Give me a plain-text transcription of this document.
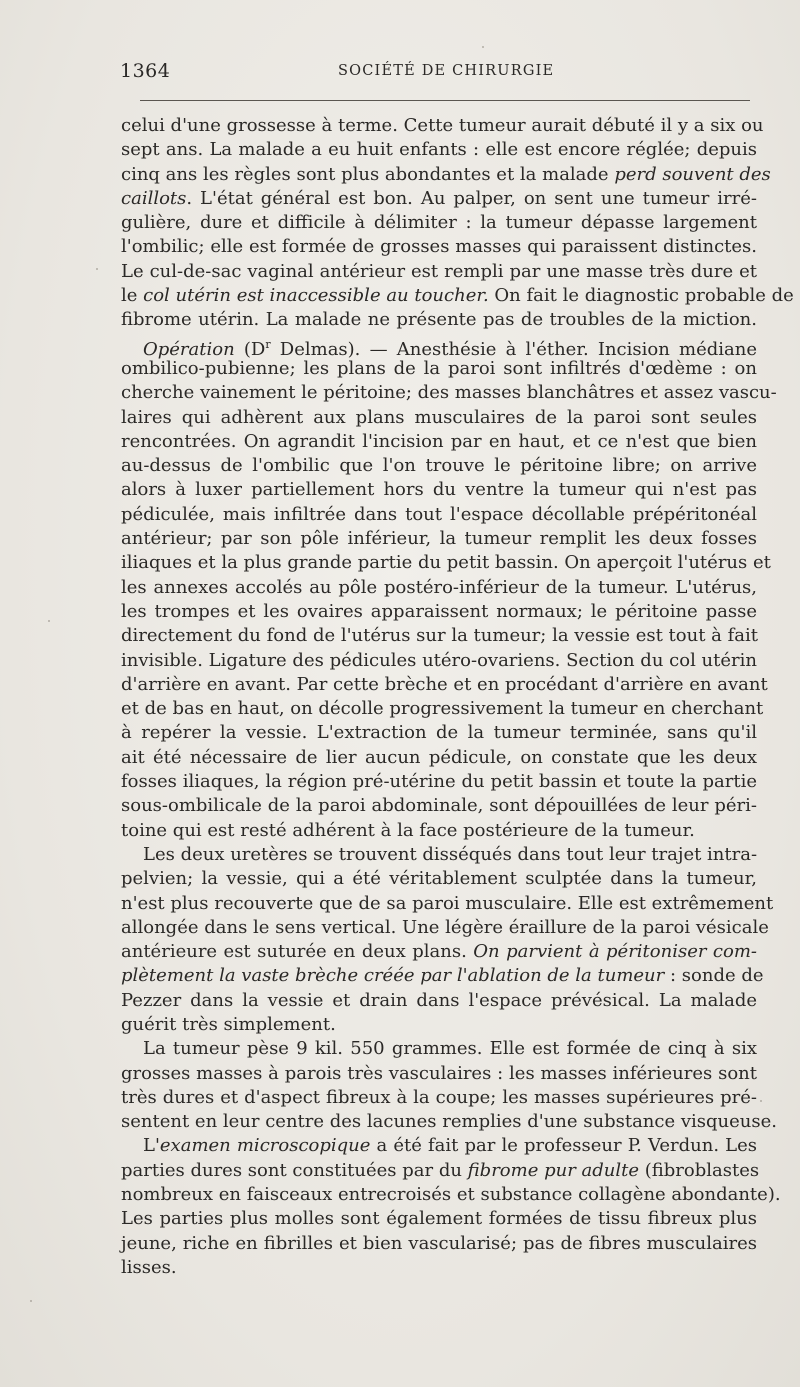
1364	SOCIÉTÉ DE CHIRURGIE
celui d'une grossesse à terme. Cette tumeur aurait débuté il y a six ou
sept ans. La malade a eu huit enfants : elle est encore réglée; depuis
cinq ans les règles sont plus abondantes et la malade perd souvent des
caillots. L'état général est bon. Au palper, on sent une tumeur irré-
gulière, dure et difficile à délimiter : la tumeur dépasse largement
l'ombilic; elle est formée de grosses masses qui paraissent distinctes.
Le cul-de-sac vaginal antérieur est rempli par une masse très dure et
le col utérin est inaccessible au toucher. On fait le diagnostic probable de
fibrome utérin. La malade ne présente pas de troubles de la miction.
Opération ($D^r$ Delmas). — Anesthésie à l'éther. Incision médiane
ombilico-pubienne; les plans de la paroi sont infiltrés d'œdème : on
cherche vainement le péritoine; des masses blanchâtres et assez vascu-
laires qui adhèrent aux plans musculaires de la paroi sont seules
rencontrées. On agrandit l'incision par en haut, et ce n'est que bien
au-dessus de l'ombilic que l'on trouve le péritoine libre; on arrive
alors à luxer partiellement hors du ventre la tumeur qui n'est pas
pédiculée, mais infiltrée dans tout l'espace décollable prépéritonéal
antérieur; par son pôle inférieur, la tumeur remplit les deux fosses
iliaques et la plus grande partie du petit bassin. On aperçoit l'utérus et
les annexes accolés au pôle postéro-inférieur de la tumeur. L'utérus,
les trompes et les ovaires apparaissent normaux; le péritoine passe
directement du fond de l'utérus sur la tumeur; la vessie est tout à fait
invisible. Ligature des pédicules utéro-ovariens. Section du col utérin
d'arrière en avant. Par cette brèche et en procédant d'arrière en avant
et de bas en haut, on décolle progressivement la tumeur en cherchant
à repérer la vessie. L'extraction de la tumeur terminée, sans qu'il
ait été nécessaire de lier aucun pédicule, on constate que les deux
fosses iliaques, la région pré-utérine du petit bassin et toute la partie
sous-ombilicale de la paroi abdominale, sont dépouillées de leur péri-
toine qui est resté adhérent à la face postérieure de la tumeur.
Les deux uretères se trouvent disséqués dans tout leur trajet intra-
pelvien; la vessie, qui a été véritablement sculptée dans la tumeur,
n'est plus recouverte que de sa paroi musculaire. Elle est extrêmement
allongée dans le sens vertical. Une légère éraillure de la paroi vésicale
antérieure est suturée en deux plans. On parvient à péritoniser com-
plètement la vaste brèche créée par l'ablation de la tumeur : sonde de
Pezzer dans la vessie et drain dans l'espace prévésical. La malade
guérit très simplement.
La tumeur pèse 9 kil. 550 grammes. Elle est formée de cinq à six
grosses masses à parois très vasculaires : les masses inférieures sont
très dures et d'aspect fibreux à la coupe; les masses supérieures pré-
sentent en leur centre des lacunes remplies d'une substance visqueuse.
L'examen microscopique a été fait par le professeur P. Verdun. Les
parties dures sont constituées par du fibrome pur adulte (fibroblastes
nombreux en faisceaux entrecroisés et substance collagène abondante).
Les parties plus molles sont également formées de tissu fibreux plus
jeune, riche en fibrilles et bien vascularisé; pas de fibres musculaires
lisses.
